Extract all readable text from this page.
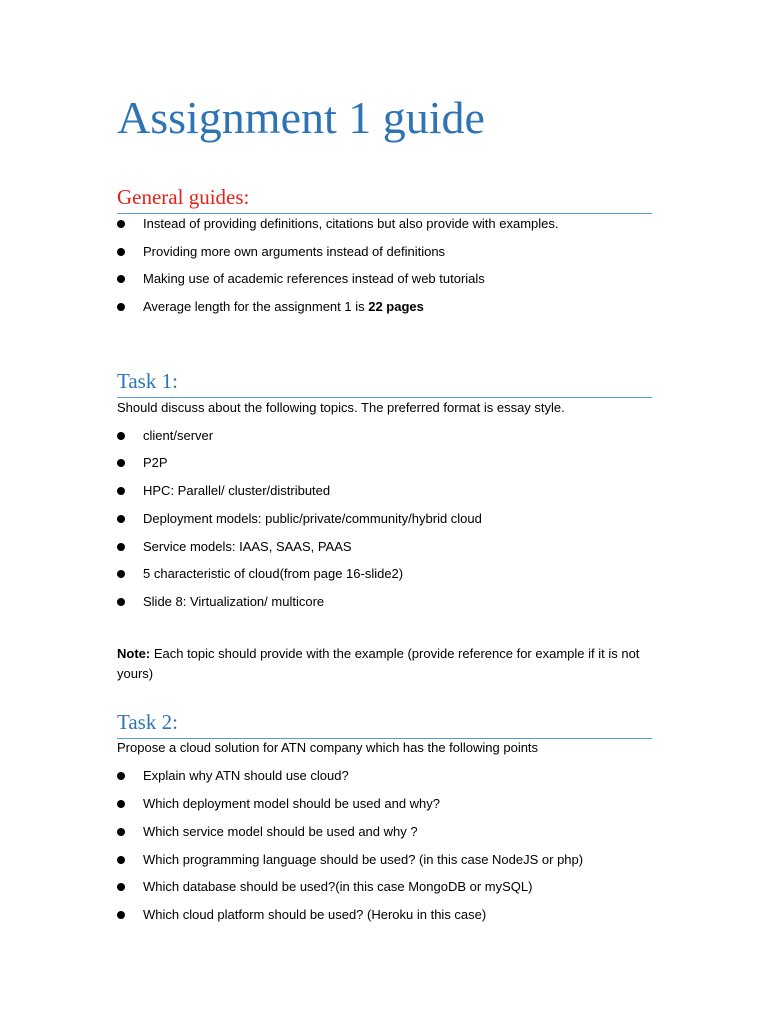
Assignment 1 guide
General guides:
Instead of providing definitions, citations but also provide with examples.
Providing more own arguments instead of definitions
Making use of academic references instead of web tutorials
Average length for the assignment 1 is 22 pages
Task 1:

Should discuss about the following topics. The preferred format is essay style.

client/server
P2P
HPC: Parallel/ cluster/distributed
Deployment models: public/private/community/hybrid cloud
Service models: IAAS, SAAS, PAAS
5 characteristic of cloud(from page 16-slide2)
Slide 8: Virtualization/ multicore

Note: Each topic should provide with the example (provide reference for example if it is not yours)

Task 2:

Propose a cloud solution for ATN company which has the following points

Explain why ATN should use cloud?
Which deployment model should be used and why?
Which service model should be used and why ?
Which programming language should be used? (in this case NodeJS or php)
Which database should be used?(in this case MongoDB or mySQL)
Which cloud platform should be used? (Heroku in this case)
